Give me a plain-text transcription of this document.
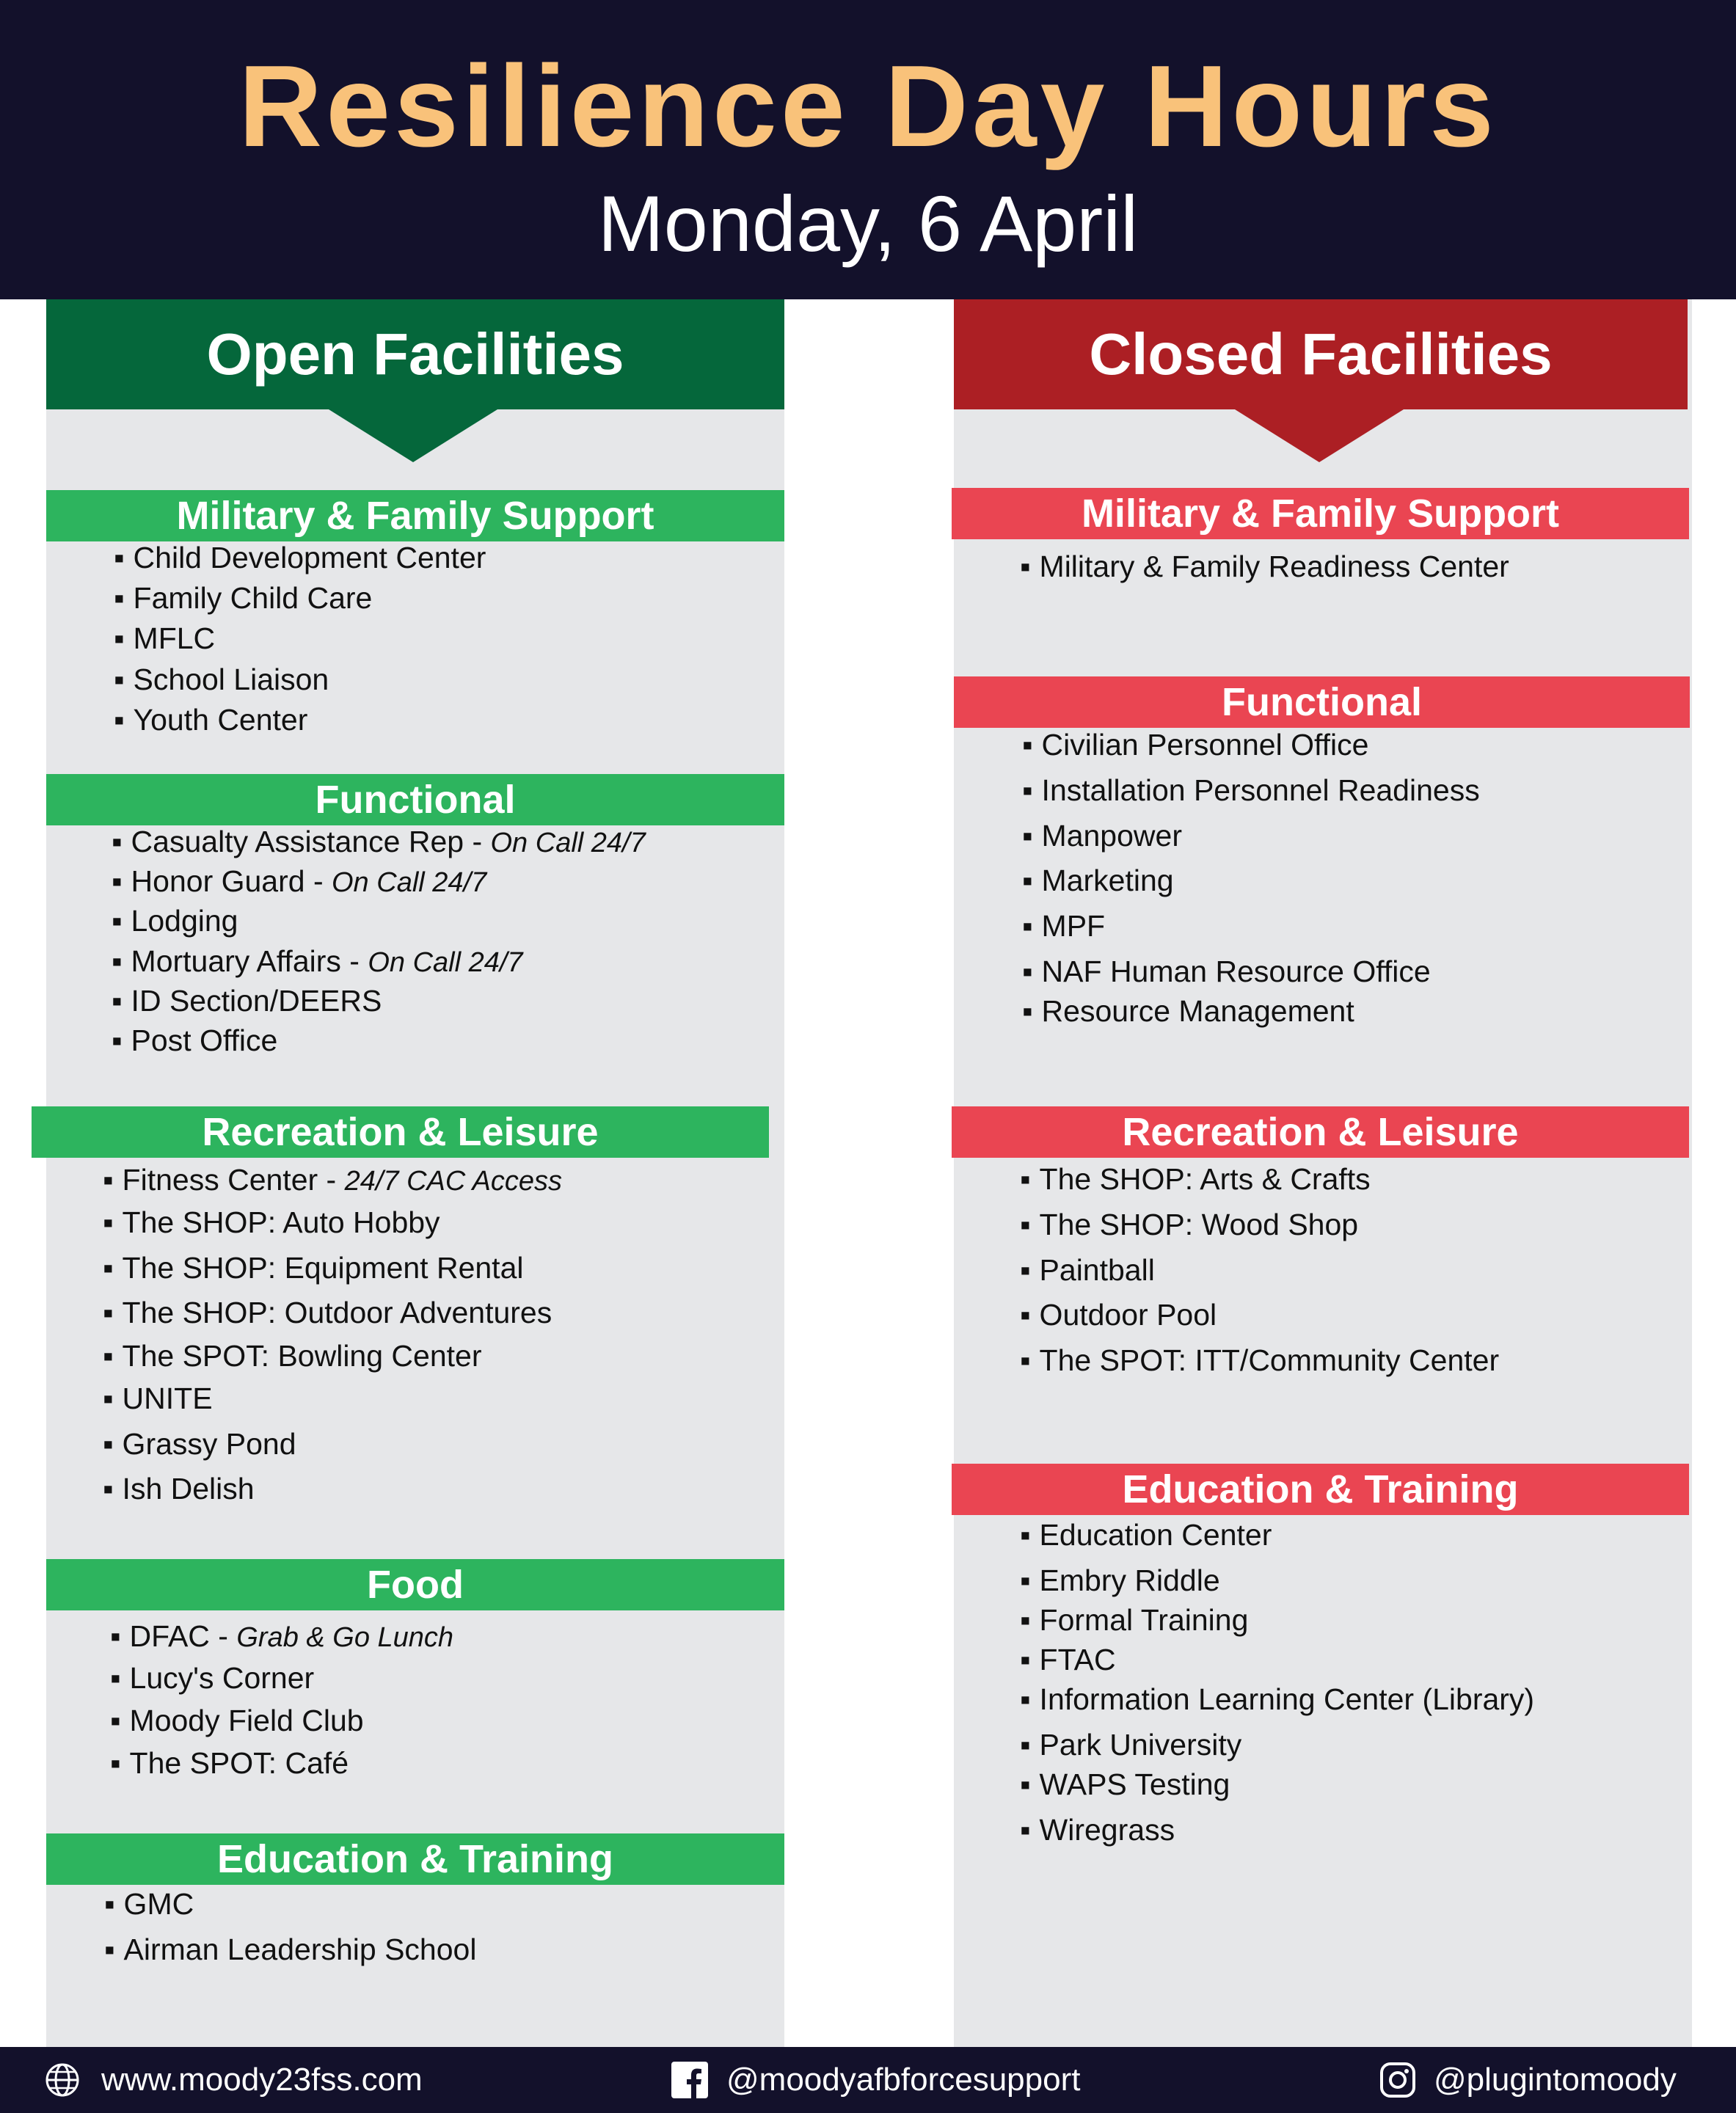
Resilience Day Hours
Monday, 6 April
Open Facilities	Closed Facilities
Military & Family Support
▪ Child Development Center
▪ Family Child Care
▪ MFLC
▪ School Liaison
▪ Youth Center
Functional
▪ Casualty Assistance Rep - On Call 24/7
▪ Honor Guard - On Call 24/7
▪ Lodging
▪ Mortuary Affairs - On Call 24/7
▪ ID Section/DEERS
▪ Post Office
Recreation & Leisure
▪ Fitness Center - 24/7 CAC Access
▪ The SHOP: Auto Hobby
▪ The SHOP: Equipment Rental
▪ The SHOP: Outdoor Adventures
▪ The SPOT: Bowling Center
▪ UNITE
▪ Grassy Pond
▪ Ish Delish
Food
▪ DFAC - Grab & Go Lunch
▪ Lucy's Corner
▪ Moody Field Club
▪ The SPOT: Café
Education & Training
▪ GMC
▪ Airman Leadership School
Military & Family Support
▪ Military & Family Readiness Center
Functional
▪ Civilian Personnel Office
▪ Installation Personnel Readiness
▪ Manpower
▪ Marketing
▪ MPF
▪ NAF Human Resource Office
▪ Resource Management
Recreation & Leisure
▪ The SHOP: Arts & Crafts
▪ The SHOP: Wood Shop
▪ Paintball
▪ Outdoor Pool
▪ The SPOT: ITT/Community Center
Education & Training
▪ Education Center
▪ Embry Riddle
▪ Formal Training
▪ FTAC
▪ Information Learning Center (Library)
▪ Park University
▪ WAPS Testing
▪ Wiregrass
www.moody23fss.com	@moodyafbforcesupport	@plugintomoody
